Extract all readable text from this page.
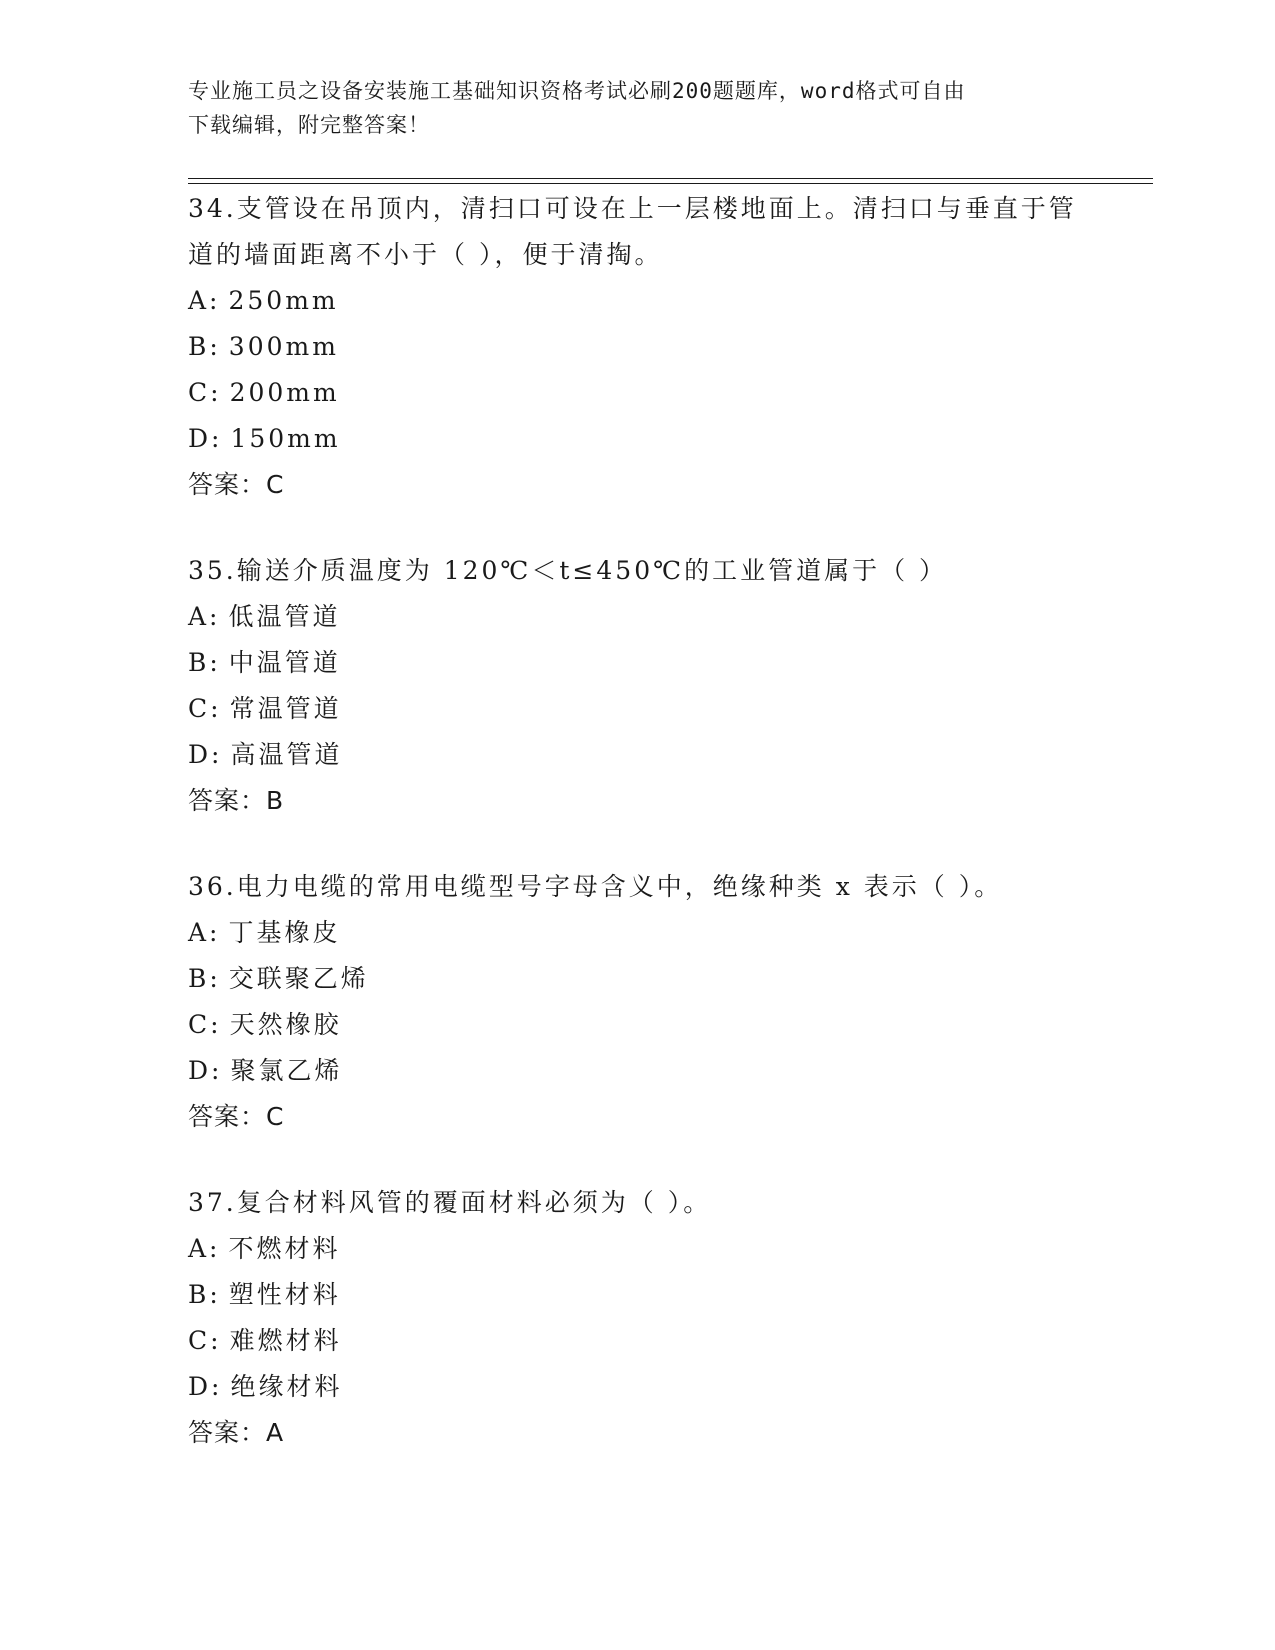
专业施工员之设备安装施工基础知识资格考试必刷200题题库，word格式可自由
下载编辑，附完整答案！

34.支管设在吊顶内，清扫口可设在上一层楼地面上。清扫口与垂直于管道的墙面距离不小于（ ），便于清掏。

A: 250mm

B: 300mm

C: 200mm

D: 150mm

答案：C

35.输送介质温度为 120℃＜t≤450℃的工业管道属于（ ）

A: 低温管道

B: 中温管道

C: 常温管道

D: 高温管道

答案：B

36.电力电缆的常用电缆型号字母含义中，绝缘种类 x 表示（ ）。

A: 丁基橡皮

B: 交联聚乙烯

C: 天然橡胶

D: 聚氯乙烯

答案：C

37.复合材料风管的覆面材料必须为（ ）。

A: 不燃材料

B: 塑性材料

C: 难燃材料

D: 绝缘材料

答案：A
